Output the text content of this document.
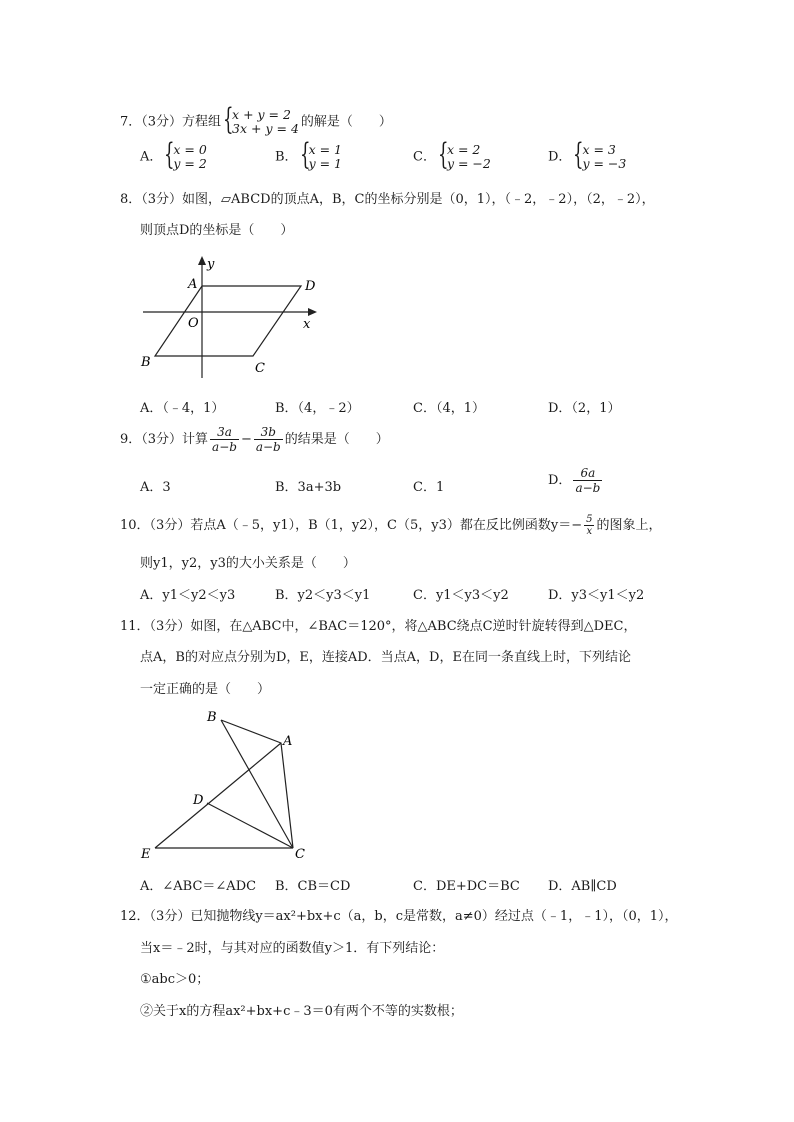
7．（3分）方程组 {
x + y = 2
3x + y = 4 的解是（　　）
A． {
x = 0
y = 2	B． {
x = 1
y = 1	C． {
x = 2
y = −2	D． {
x = 3
y = −3
8．（3分）如图，▱ABCD的顶点A，B，C的坐标分别是（0，1），（﹣2，﹣2），（2，﹣2），
则顶点D的坐标是（　　）
A	D
B	C
O	x
y
A．（﹣4，1）	B．（4，﹣2）	C．（4，1）	D．（2，1）
9．（3分）计算 $\frac{3a}{a-b} - \frac{3b}{a-b}$ 的结果是（　　）
A．3	B．3a+3b	C．1	D． $\frac{6a}{a-b}$
10．（3分）若点A（﹣5，y1），B（1，y2），C（5，y3）都在反比例函数$y=- \frac{5}{x}$ 的图象上，
则y1，y2，y3的大小关系是（　　）
A．y1＜y2＜y3	B．y2＜y3＜y1	C．y1＜y3＜y2	D．y3＜y1＜y2
11．（3分）如图，在△ABC中，∠BAC＝120°，将△ABC绕点C逆时针旋转得到△DEC，
点A，B的对应点分别为D，E，连接AD．当点A，D，E在同一条直线上时，下列结论
一定正确的是（　　）
B
A
D
E	C
A．∠ABC＝∠ADC B．CB＝CD	C．DE+DC＝BC D．AB∥CD
12．（3分）已知抛物线y＝ax²+bx+c（a，b，c是常数，a≠0）经过点（﹣1，﹣1），（0，1），
当x＝﹣2时，与其对应的函数值y＞1．有下列结论：
①abc＞0；
②关于x的方程ax²+bx+c﹣3＝0有两个不等的实数根；
